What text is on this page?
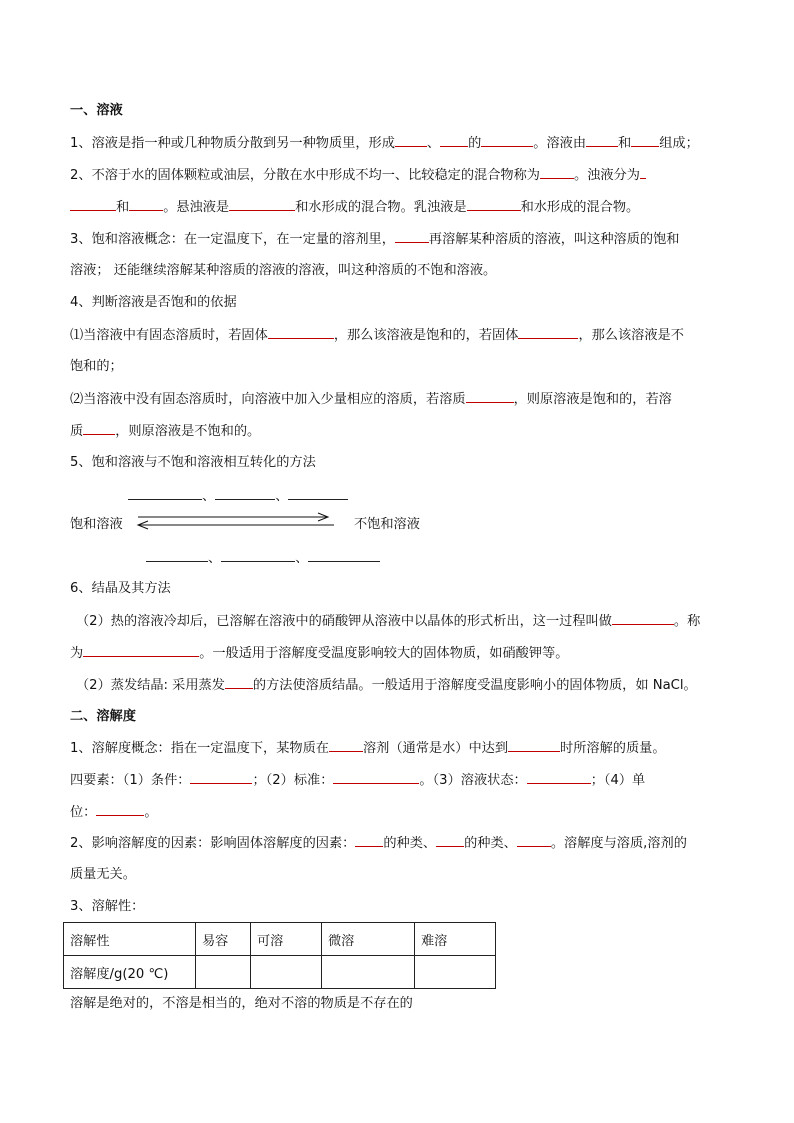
一、溶液
1、溶液是指一种或几种物质分散到另一种物质里，形成 、 的	。溶液由 和 组成；
2、不溶于水的固体颗粒或油层，分散在水中形成不均一、比较稳定的混合物称为	。浊液分为
和	。悬浊液是	和水形成的混合物。乳浊液是	和水形成的混合物。
3、饱和溶液概念：在一定温度下，在一定量的溶剂里，	再溶解某种溶质的溶液，叫这种溶质的饱和
溶液； 还能继续溶解某种溶质的溶液的溶液，叫这种溶质的不饱和溶液。
4、判断溶液是否饱和的依据
⑴当溶液中有固态溶质时，若固体	，那么该溶液是饱和的，若固体	，那么该溶液是不
饱和的；
⑵当溶液中没有固态溶质时，向溶液中加入少量相应的溶质，若溶质	，则原溶液是饱和的，若溶
质 ，则原溶液是不饱和的。
5、饱和溶液与不饱和溶液相互转化的方法
、	、
饱和溶液	不饱和溶液
、	、
6、结晶及其方法
（2）热的溶液冷却后，已溶解在溶液中的硝酸钾从溶液中以晶体的形式析出，这一过程叫做	。称
为	。一般适用于溶解度受温度影响较大的固体物质，如硝酸钾等。
（2）蒸发结晶: 采用蒸发 的方法使溶质结晶。一般适用于溶解度受温度影响小的固体物质，如 NaCl。
二、溶解度
1、溶解度概念：指在一定温度下，某物质在	溶剂（通常是水）中达到	时所溶解的质量。
四要素：（1）条件：	；（2）标准：	。（3）溶液状态：	；（4）单
位：	。
2、影响溶解度的因素：影响固体溶解度的因素： 的种类、 的种类、	。溶解度与溶质,溶剂的
质量无关。
3、溶解性：
溶解性	易容	可溶	微溶	难溶
溶解度/g(20 ℃)				
溶解是绝对的，不溶是相当的，绝对不溶的物质是不存在的
